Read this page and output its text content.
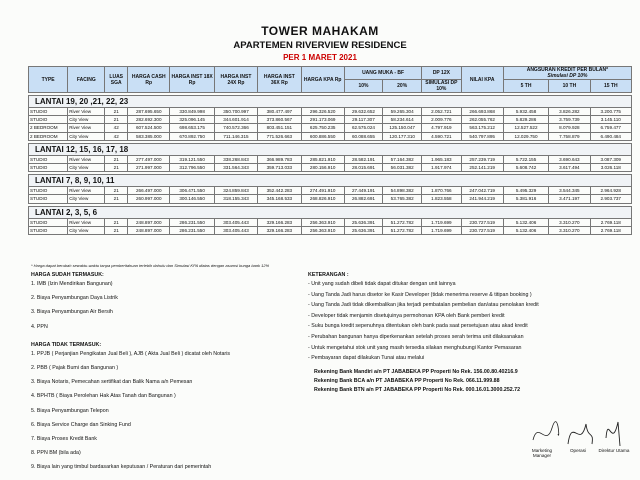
TOWER MAHAKAM
APARTEMEN RIVERVIEW RESIDENCE
PER 1 MARET 2021
TYPE	FACING	LUAS SGA	HARGA CASH Rp	HARGA INST 18X Rp	HARGA INST 24X Rp	HARGA INST 36X Rp	HARGA KPA Rp	UANG MUKA - BF		DP 12X	NILAI KPA	ANGSURAN KREDIT PER BULAN*
Simulasi DP 10%		
								10%	20%	SIMULASI DP 10%		5 TH	10 TH	15 TH

LANTAI 19, 20 ,21, 22, 23														
STUDIO	River View	21	287.695.650	330.849.998	350.700.997	380.477.497	296.326.520	29.632.652	59.265.304	2.052.721	266.693.868	5.932.458	3.826.282	3.200.775
STUDIO	City View	21	282.692.300	325.096.145	344.601.914	373.860.567	291.173.069	29.117.307	58.234.614	2.009.776	262.055.762	5.829.286	3.759.739	3.145.110
2 BEDROOM	River View	42	607.524.500	698.653.175	740.572.366	803.451.151	625.750.235	62.575.024	125.150.047	4.797.919	563.175.212	12.527.522	8.079.928	6.759.477
2 BEDROOM	City View	42	583.385.000	670.892.750	711.146.315	771.526.663	600.886.550	60.088.655	120.177.310	4.590.721	540.797.895	12.029.750	7.758.879	6.490.484

LANTAI 12, 15, 16, 17, 18														
STUDIO	River View	21	277.497.000	319.121.550	338.268.843	366.989.783	285.821.910	28.582.191	57.164.382	1.965.183	257.239.719	5.722.155	3.690.643	3.087.309
STUDIO	City View	21	271.997.000	312.796.550	331.564.343	359.713.033	280.156.910	28.015.691	56.031.382	1.917.974	252.141.219	5.608.742	3.617.494	3.026.118

LANTAI 7, 8, 9, 10, 11														
STUDIO	River View	21	266.497.000	306.471.550	324.859.843	352.442.283	274.491.910	27.449.191	54.898.382	1.870.766	247.042.719	5.495.329	3.544.345	2.964.928
STUDIO	City View	21	260.997.000	300.146.550	318.155.343	345.168.533	268.826.910	26.882.691	53.765.382	1.823.558	241.944.219	5.381.916	3.471.197	2.903.737

LANTAI 2, 3, 5, 6														
STUDIO	River View	21	248.897.000	286.231.550	303.405.443	329.166.283	256.363.910	25.636.391	51.272.782	1.719.699	230.727.519	5.132.406	3.310.270	2.769.118
STUDIO	City View	21	248.897.000	286.231.550	303.405.443	329.166.283	256.363.910	25.636.391	51.272.782	1.719.699	230.727.519	5.132.406	3.310.270	2.769.118
* Harga dapat berubah sewaktu-waktu tanpa pemberitahuan terlebih dahulu dan Simulasi KPA diatas dengan asumsi bunga bank 12%
HARGA SUDAH TERMASUK:
1. IMB (Izin Mendirikan Bangunan)
2. Biaya Penyambungan Daya Listrik
3. Biaya Penyambungan Air Bersih
4. PPN
HARGA TIDAK TERMASUK:
1. PPJB ( Perjanjian Pengikatan Jual Beli ), AJB ( Akta Jual Beli ) dicatat oleh Notaris
2. PBB ( Pajak Bumi dan Bangunan )
3. Biaya Notaris, Pemecahan sertifikat dan Balik Nama a/n Pemesan
4. BPHTB ( Biaya Perolehan Hak Atas Tanah dan Bangunan )
5. Biaya Penyambungan Telepon
6. Biaya Service Charge dan Sinking Fund
7. Biaya Proses Kredit Bank
8. PPN BM (bila ada)
9. Biaya lain yang timbul bardasarkan keputusan / Peraturan dari pemerintah
KETERANGAN :
- Unit yang sudah dibeli tidak dapat ditukar dengan unit lainnya
- Uang Tanda Jadi harus disetor ke Kasir Developer (tidak menerima reserve & titipan booking )
- Uang Tanda Jadi tidak dikembalikan jika terjadi pembatalan pembelian dan/atau penolakan kredit
- Developer tidak menjamin disetujuinya permohonan KPA oleh Bank pemberi kredit
- Suku bunga kredit sepenuhnya ditentukan oleh bank pada saat persetujuan atau akad kredit
- Perubahan bangunan hanya diperkenankan setelah proses serah terima unit dilaksanakan
- Untuk mengetahui stok unit yang masih tersedia silakan menghubungi Kantor Pemasaran
- Pembayaran dapat dilakukan Tunai atau melalui
Rekening Bank Mandiri a/n PT JABABEKA PP Properti No Rek. 156.00.80.40216.9
Rekening Bank BCA a/n PT JABABEKA PP Properti No Rek. 066.11.999.88
Rekening Bank BTN a/n PT JABABEKA PP Properti No Rek. 000.16.01.3000.252.72
Marketing Manager
Operasi	Direktur Utama
